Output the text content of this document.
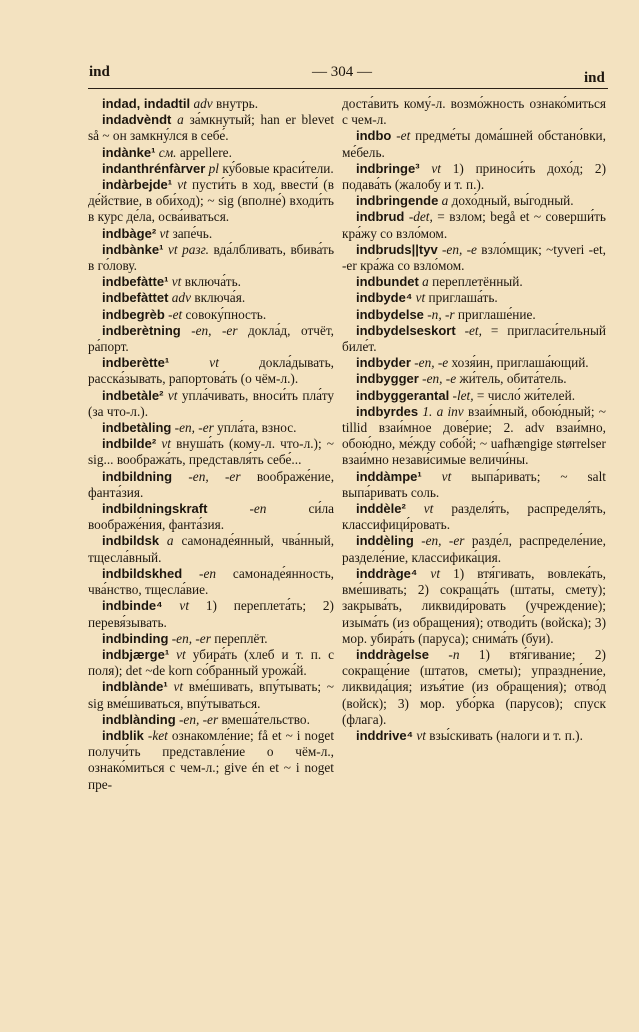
ind	— 304 —	ind

indad, indadtil adv внутрь.

indadvèndt a за́мкнутый; han er blevet så ~ он замкну́лся в себе́.

indànke¹ см. appellere.

indanthrénfàrver pl ку́бовые краси́тели.

indàrbejde¹ vt пусти́ть в ход, ввести́ (в де́йствие, в оби́ход); ~ sig (вполне́) входи́ть в курс де́ла, осва́иваться.

indbàge² vt запе́чь.

indbànke¹ vt разг. вда́лбливать, вбива́ть в го́лову.

indbefàtte¹ vt включа́ть.

indbefàttet adv включа́я.

indbegrèb -et совоку́пность.

indberètning -en, -er докла́д, отчёт, ра́порт.

indberètte¹	vt	докла́дывать, расска́зывать, рапортова́ть (о чём-л.).

indbetàle² vt упла́чивать, вноси́ть пла́ту (за что-л.).

indbetàling -en, -er упла́та, взнос.

indbilde² vt внуша́ть (кому-л. что-л.); ~ sig... вообража́ть, представля́ть себе́...

indbildning -en, -er воображе́ние, фанта́зия.

indbildningskraft	-en	си́ла воображе́ния, фанта́зия.

indbildsk a самонаде́янный, чва́нный, тщесла́вный.

indbildskhed -en самонаде́янность, чва́нство, тщесла́вие.

indbinde⁴ vt 1) переплета́ть; 2) перевя́зывать.

indbinding -en, -er переплёт.

indbjærge¹ vt убира́ть (хлеб и т. п. с поля); det ~de korn со́бранный урожа́й.

indblànde¹ vt вме́шивать, впу́тывать; ~ sig вме́шиваться, впу́тываться.

indblànding -en, -er вмеша́тельство.

indblik -ket ознакомле́ние; få et ~ i noget получи́ть представле́ние о чём-л., ознако́миться с чем-л.; give én et ~ i noget пре-

доста́вить кому́-л. возмо́жность ознако́миться с чем-л.

indbo -et предме́ты дома́шней обстано́вки, ме́бель.

indbringe³ vt 1) приноси́ть дохо́д; 2) подава́ть (жалобу и т. п.).

indbringende a дохо́дный, вы́годный.

indbrud -det, = взлом; begå et ~ соверши́ть кра́жу со взло́мом.

indbruds||tyv -en, -e взло́мщик; ~tyveri -et, -er кра́жа со взло́мом.

indbundet a переплетённый.

indbyde⁴ vt приглаша́ть.

indbydelse -n, -r приглаше́ние.

indbydelseskort -et, = пригласи́тельный биле́т.

indbyder -en, -e хозя́ин, приглаша́ющий.

indbygger -en, -e жи́тель, обита́тель.

indbyggerantal -let, = число́ жи́телей.

indbyrdes 1. a inv взаи́мный, обою́дный; ~ tillid взаи́мное дове́рие; 2. adv взаи́мно, обою́дно, ме́жду собо́й; ~ uafhængige størrelser взаи́мно незави́симые величи́ны.

inddàmpe¹ vt выпа́ривать; ~ salt выпа́ривать соль.

inddèle² vt разделя́ть, распределя́ть, классифици́ровать.

inddèling -en, -er разде́л, распределе́ние, разделе́ние, классифика́ция.

inddràge⁴ vt 1) втя́гивать, вовлека́ть, вме́шивать; 2) сокраща́ть (штаты, смету); закрыва́ть, ликвиди́ровать (учреждение); изыма́ть (из обращения); отводи́ть (войска); 3) мор. убира́ть (паруса); снима́ть (буи).

inddràgelse -n 1) втя́гивание; 2) сокраще́ние (штатов, сметы); упраздне́ние, ликвида́ция; изъя́тие (из обращения); отво́д (войск); 3) мор. убо́рка (парусов); спуск (флага).

inddrive⁴ vt взы́скивать (налоги и т. п.).
